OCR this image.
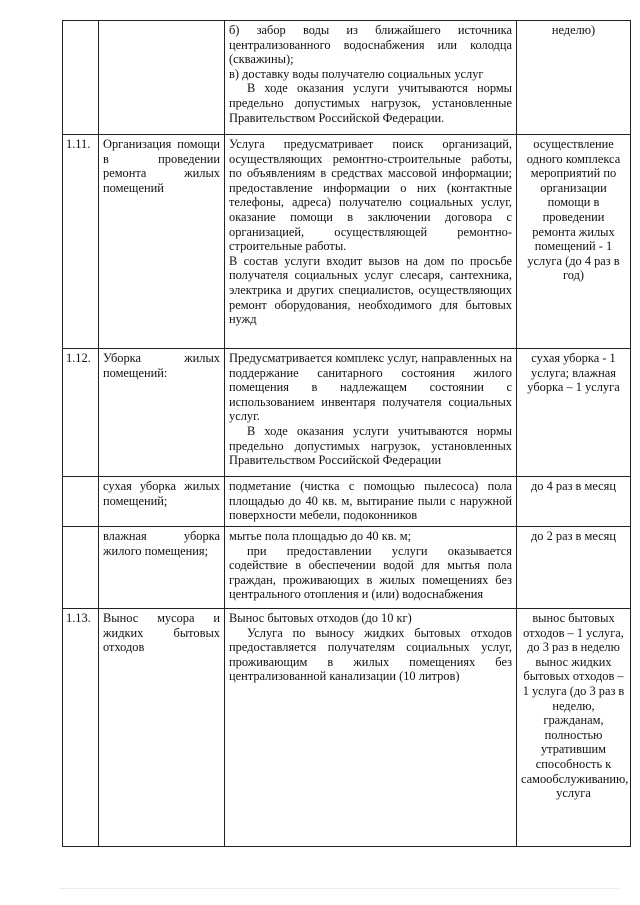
		б) забор воды из ближайшего источника централизованного водоснабжения или колодца (скважины);
в) доставку воды получателю социальных услуг
В ходе оказания услуги учитываются нормы предельно допустимых нагрузок, установленные Правительством Российской Федерации.	неделю)
1.11.	Организация помощи в проведении ремонта жилых помещений	Услуга предусматривает поиск организаций, осуществляющих ремонтно-строительные работы, по объявлениям в средствах массовой информации; предоставление информации о них (контактные телефоны, адреса) получателю социальных услуг, оказание помощи в заключении договора с организацией, осуществляющей ремонтно-строительные работы.
В состав услуги входит вызов на дом по просьбе получателя социальных услуг слесаря, сантехника, электрика и других специалистов, осуществляющих ремонт оборудования, необходимого для бытовых нужд	осуществление одного комплекса мероприятий по организации помощи в проведении ремонта жилых помещений - 1 услуга (до 4 раз в год)
1.12.	Уборка жилых помещений:	Предусматривается комплекс услуг, направленных на поддержание санитарного состояния жилого помещения в надлежащем состоянии с использованием инвентаря получателя социальных услуг.
В ходе оказания услуги учитываются нормы предельно допустимых нагрузок, установленных Правительством Российской Федерации	сухая уборка - 1 услуга; влажная уборка – 1 услуга
	сухая уборка жилых помещений;	подметание (чистка с помощью пылесоса) пола площадью до 40 кв. м, вытирание пыли с наружной поверхности мебели, подоконников	до 4 раз в месяц
	влажная уборка жилого помещения;	мытье пола площадью до 40 кв. м;
при предоставлении услуги оказывается содействие в обеспечении водой для мытья пола граждан, проживающих в жилых помещениях без центрального отопления и (или) водоснабжения	до 2 раз в месяц
1.13.	Вынос мусора и жидких бытовых отходов	Вынос бытовых отходов (до 10 кг)
Услуга по выносу жидких бытовых отходов предоставляется получателям социальных услуг, проживающим в жилых помещениях без централизованной канализации (10 литров)	вынос бытовых отходов – 1 услуга, до 3 раз в неделю вынос жидких бытовых отходов – 1 услуга (до 3 раз в неделю, гражданам, полностью утратившим способность к самообслуживанию, услуга
